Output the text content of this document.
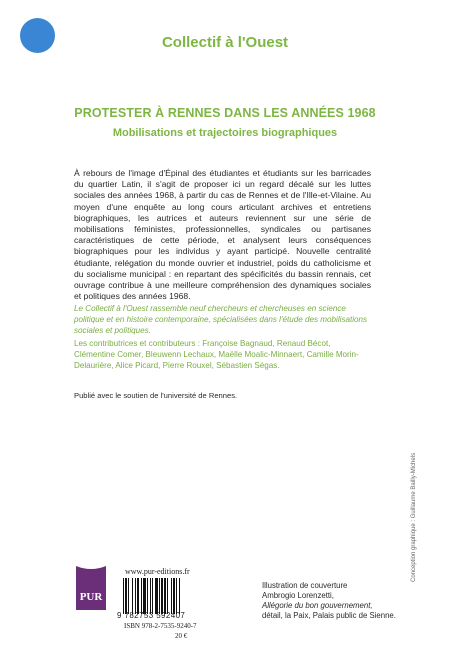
Collectif à l'Ouest
PROTESTER À RENNES DANS LES ANNÉES 1968
Mobilisations et trajectoires biographiques

À rebours de l'image d'Épinal des étudiantes et étudiants sur les barricades du quartier Latin, il s'agit de proposer ici un regard décalé sur les luttes sociales des années 1968, à partir du cas de Rennes et de l'Ille-et-Vilaine. Au moyen d'une enquête au long cours articulant archives et entretiens biographiques, les autrices et auteurs reviennent sur une série de mobilisations féministes, professionnelles, syndicales ou partisanes caractéristiques de cette période, et analysent leurs conséquences biographiques pour les individus y ayant participé. Nouvelle centralité étudiante, relégation du monde ouvrier et industriel, poids du catholicisme et du socialisme municipal : en repartant des spécificités du bassin rennais, cet ouvrage contribue à une meilleure compréhension des dynamiques sociales et politiques des années 1968.

Le Collectif à l'Ouest rassemble neuf chercheurs et chercheuses en science politique et en histoire contemporaine, spécialisées dans l'étude des mobilisations sociales et politiques.

Les contributrices et contributeurs : Françoise Bagnaud, Renaud Bécot, Clémentine Comer, Bleuwenn Lechaux, Maëlle Moalic-Minnaert, Camille Morin-Delaurière, Alice Picard, Pierre Rouxel, Sébastien Ségas.

Publié avec le soutien de l'université de Rennes.

Conception graphique : Guillaume Bailly-Michels
PUR
www.pur-editions.fr
9 782753 592407
ISBN 978-2-7535-9240-7
20 €
Illustration de couverture
Ambrogio Lorenzetti,
Allégorie du bon gouvernement,
détail, la Paix, Palais public de Sienne.
